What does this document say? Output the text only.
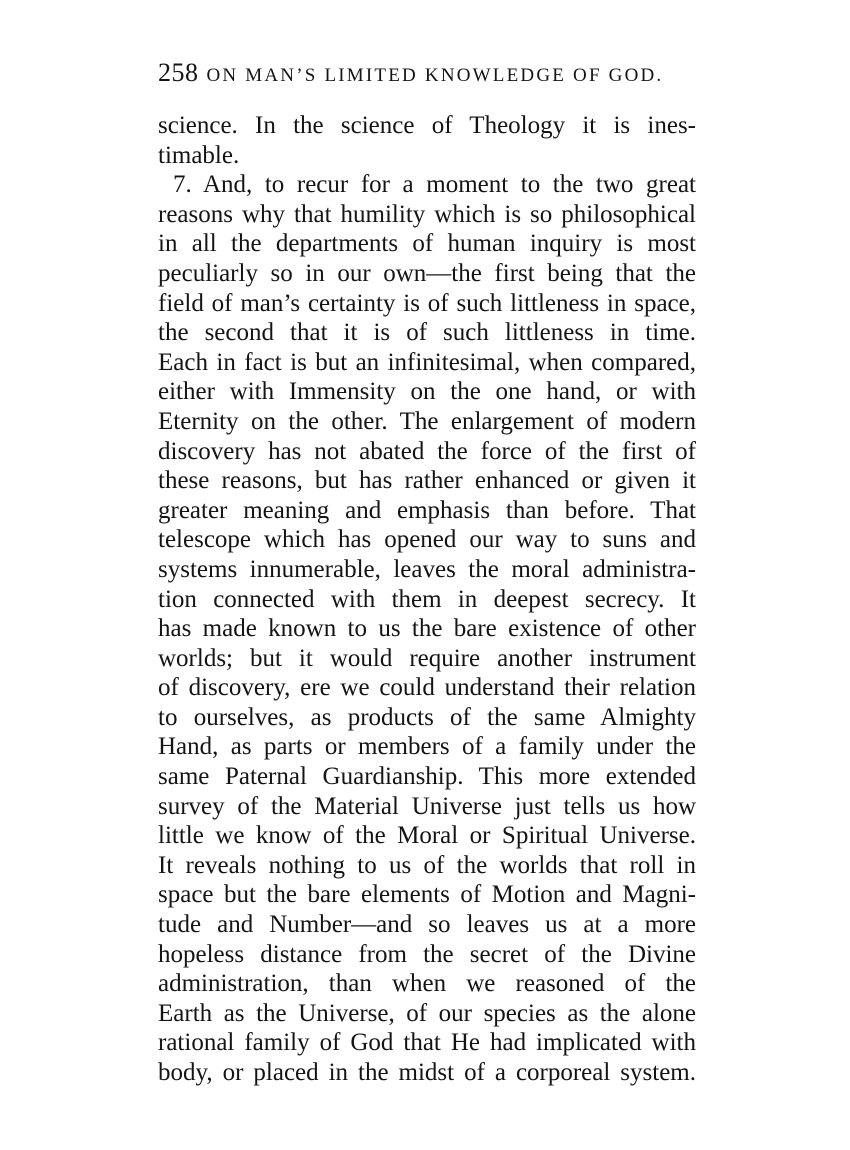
258 ON MAN’S LIMITED KNOWLEDGE OF GOD.
science. In the science of Theology it is ines-
timable.
7. And, to recur for a moment to the two great
reasons why that humility which is so philosophical
in all the departments of human inquiry is most
peculiarly so in our own—the first being that the
field of man’s certainty is of such littleness in space,
the second that it is of such littleness in time.
Each in fact is but an infinitesimal, when compared,
either with Immensity on the one hand, or with
Eternity on the other. The enlargement of modern
discovery has not abated the force of the first of
these reasons, but has rather enhanced or given it
greater meaning and emphasis than before. That
telescope which has opened our way to suns and
systems innumerable, leaves the moral administra-
tion connected with them in deepest secrecy. It
has made known to us the bare existence of other
worlds; but it would require another instrument
of discovery, ere we could understand their relation
to ourselves, as products of the same Almighty
Hand, as parts or members of a family under the
same Paternal Guardianship. This more extended
survey of the Material Universe just tells us how
little we know of the Moral or Spiritual Universe.
It reveals nothing to us of the worlds that roll in
space but the bare elements of Motion and Magni-
tude and Number—and so leaves us at a more
hopeless distance from the secret of the Divine
administration, than when we reasoned of the
Earth as the Universe, of our species as the alone
rational family of God that He had implicated with
body, or placed in the midst of a corporeal system.
